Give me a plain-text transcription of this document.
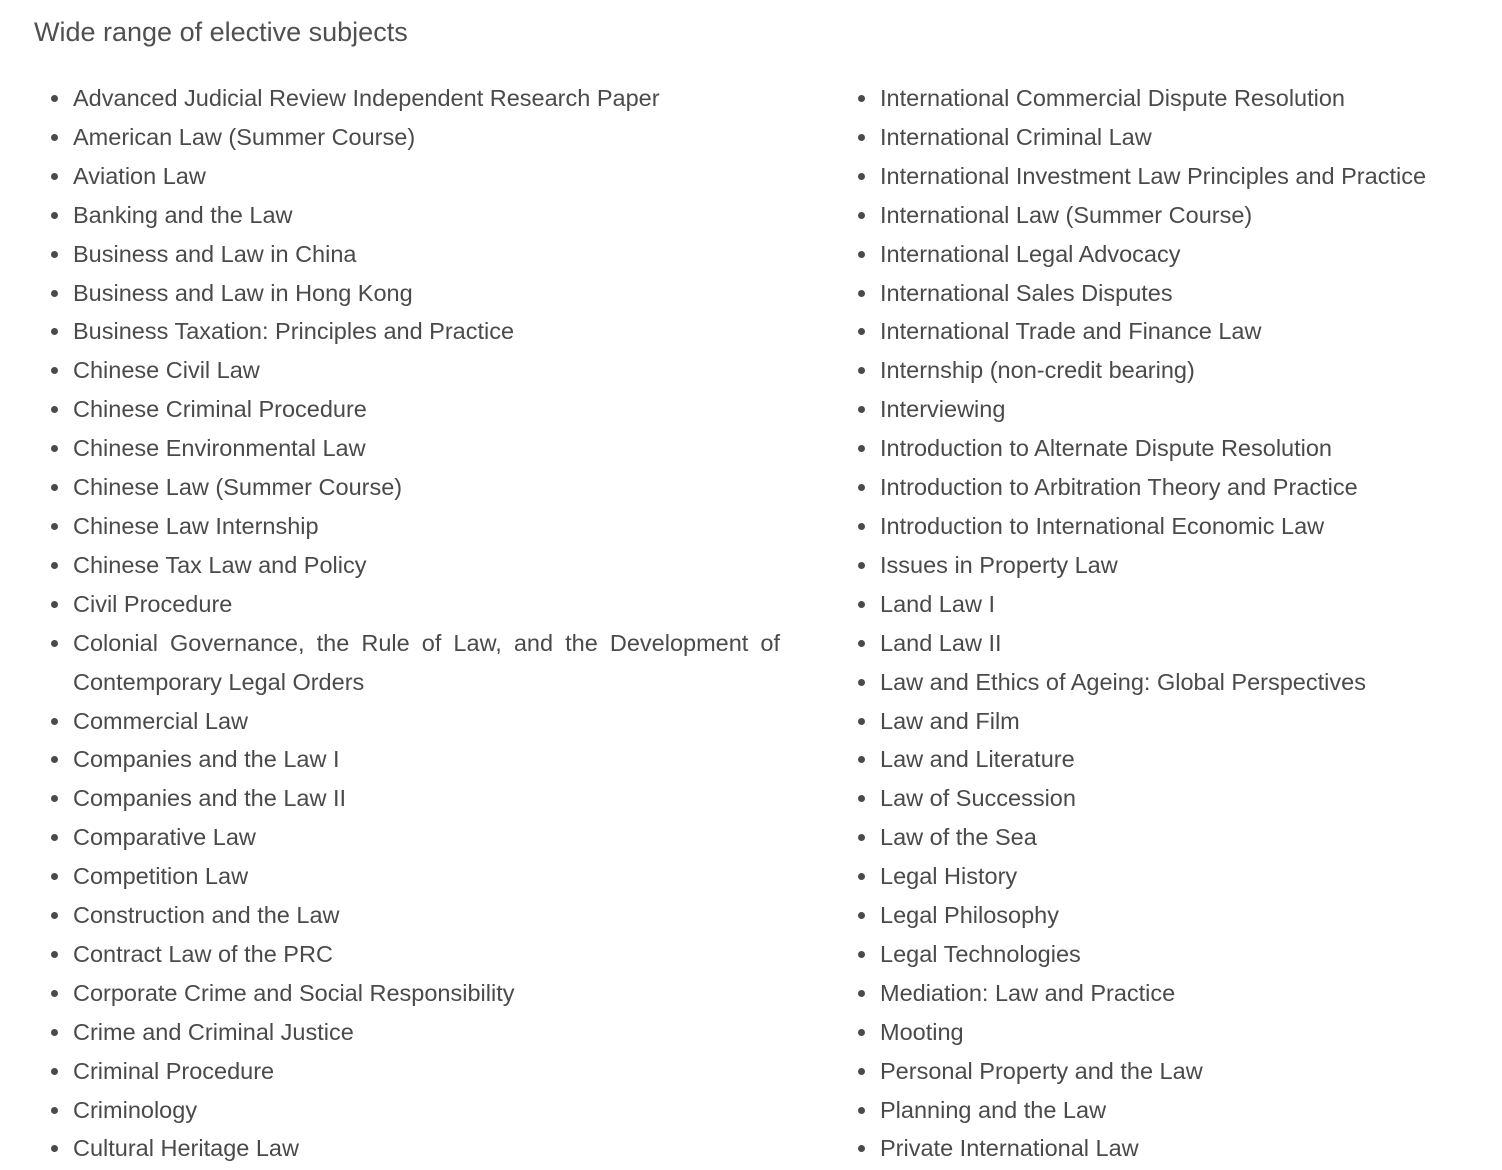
Wide range of elective subjects
Advanced Judicial Review Independent Research Paper
American Law (Summer Course)
Aviation Law
Banking and the Law
Business and Law in China
Business and Law in Hong Kong
Business Taxation: Principles and Practice
Chinese Civil Law
Chinese Criminal Procedure
Chinese Environmental Law
Chinese Law (Summer Course)
Chinese Law Internship
Chinese Tax Law and Policy
Civil Procedure
Colonial Governance, the Rule of Law, and the Development of Contemporary Legal Orders
Commercial Law
Companies and the Law I
Companies and the Law II
Comparative Law
Competition Law
Construction and the Law
Contract Law of the PRC
Corporate Crime and Social Responsibility
Crime and Criminal Justice
Criminal Procedure
Criminology
Cultural Heritage Law
International Commercial Dispute Resolution
International Criminal Law
International Investment Law Principles and Practice
International Law (Summer Course)
International Legal Advocacy
International Sales Disputes
International Trade and Finance Law
Internship (non-credit bearing)
Interviewing
Introduction to Alternate Dispute Resolution
Introduction to Arbitration Theory and Practice
Introduction to International Economic Law
Issues in Property Law
Land Law I
Land Law II
Law and Ethics of Ageing: Global Perspectives
Law and Film
Law and Literature
Law of Succession
Law of the Sea
Legal History
Legal Philosophy
Legal Technologies
Mediation: Law and Practice
Mooting
Personal Property and the Law
Planning and the Law
Private International Law
